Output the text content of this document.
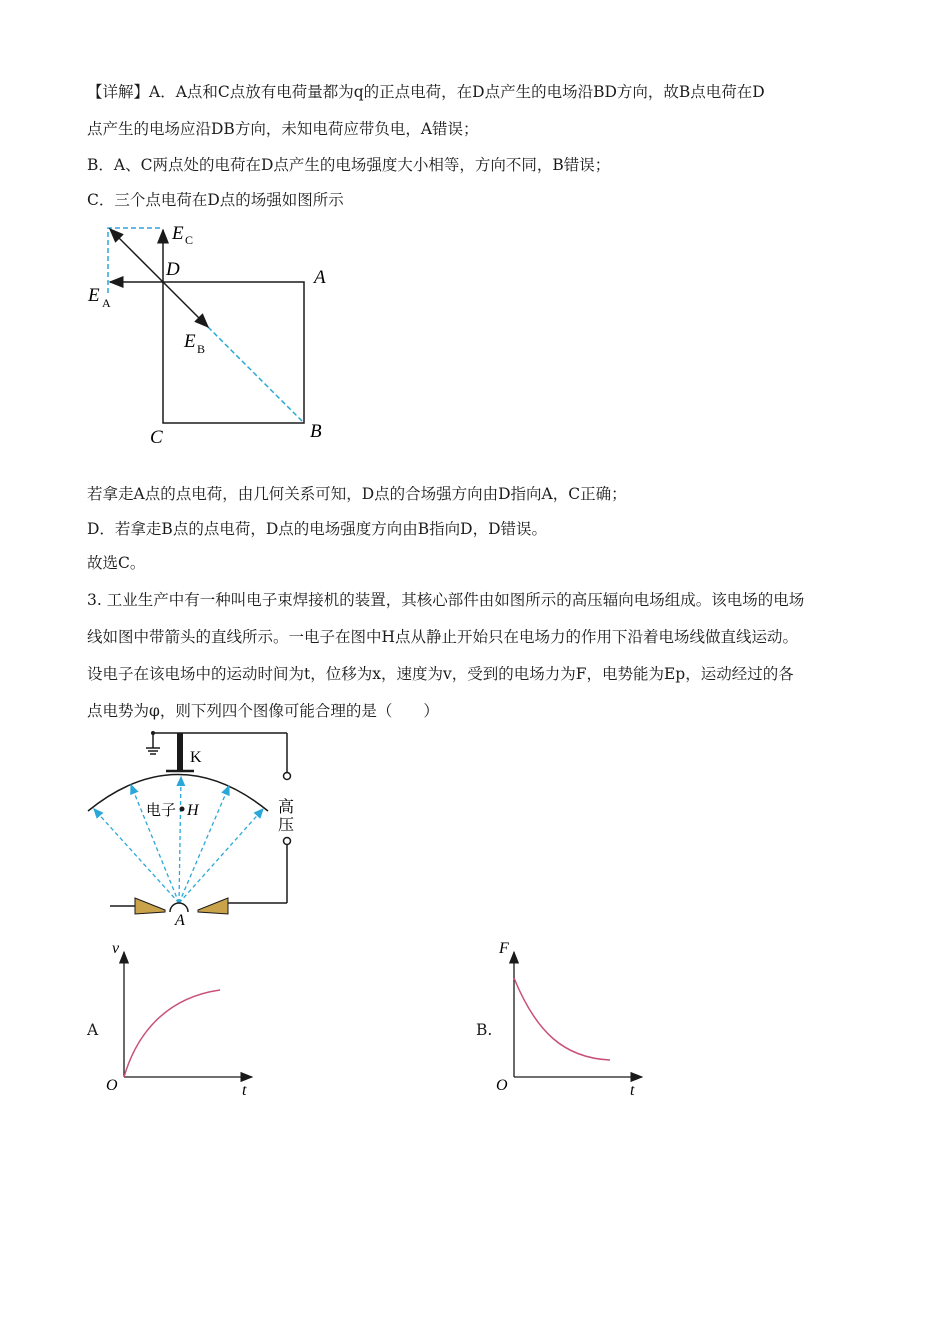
【详解】A．A点和C点放有电荷量都为q的正点电荷，在D点产生的电场沿BD方向，故B点电荷在D
点产生的电场应沿DB方向，未知电荷应带负电，A错误；
B．A、C两点处的电荷在D点产生的电场强度大小相等，方向不同，B错误；
C．三个点电荷在D点的场强如图所示
E C
D	A
E A
E B
B
C
若拿走A点的点电荷，由几何关系可知，D点的合场强方向由D指向A，C正确；
D．若拿走B点的点电荷，D点的电场强度方向由B指向D，D错误。
故选C。
3. 工业生产中有一种叫电子束焊接机的装置，其核心部件由如图所示的高压辐向电场组成。该电场的电场
线如图中带箭头的直线所示。一电子在图中H点从静止开始只在电场力的作用下沿着电场线做直线运动。
设电子在该电场中的运动时间为t，位移为x，速度为v，受到的电场力为F，电势能为Ep，运动经过的各
点电势为φ，则下列四个图像可能合理的是（　　）
K
高
压
电子 H
A
A
v
t
O
B.
F
t
O
